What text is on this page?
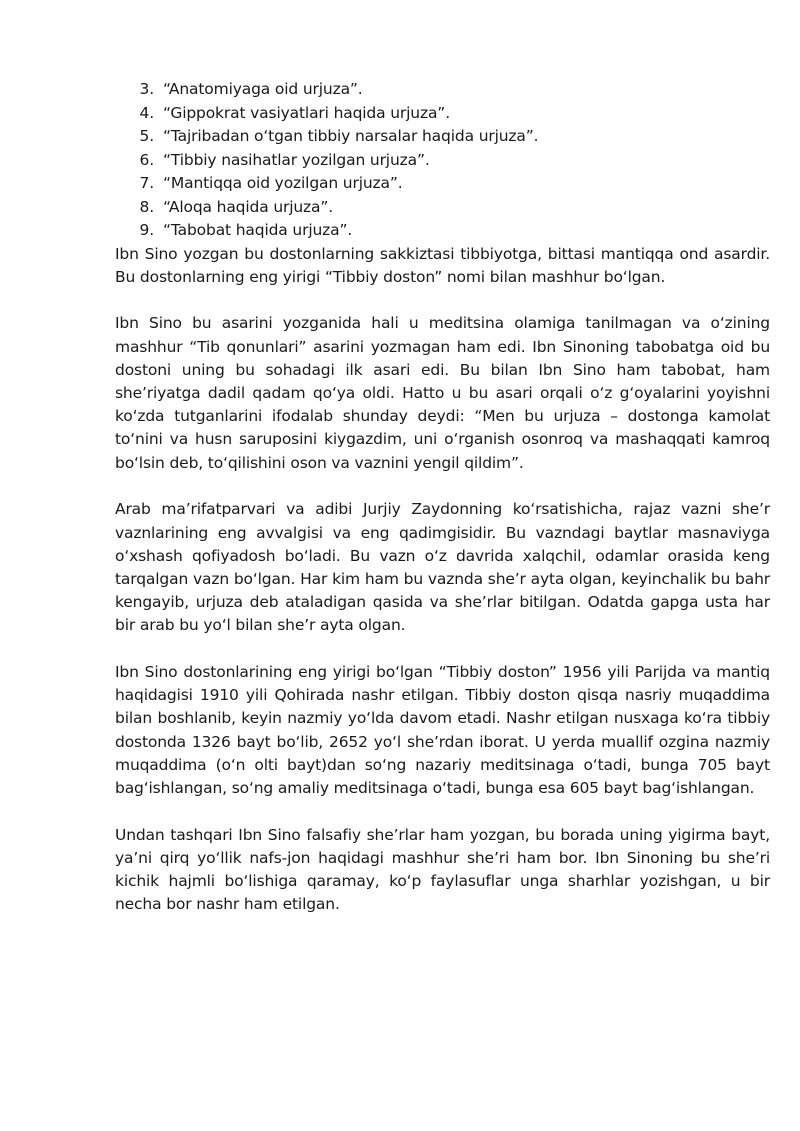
3. “Anatomiyaga oid urjuza”.
4. “Gippokrat vasiyatlari haqida urjuza”.
5. “Tajribadan o‘tgan tibbiy narsalar haqida urjuza”.
6. “Tibbiy nasihatlar yozilgan urjuza”.
7. “Mantiqqa oid yozilgan urjuza”.
8. “Aloqa haqida urjuza”.
9. “Tabobat haqida urjuza”.

Ibn Sino yozgan bu dostonlarning sakkiztasi tibbiyotga, bittasi mantiqqa ond asardir. Bu dostonlarning eng yirigi “Tibbiy doston” nomi bilan mashhur bo‘lgan.

Ibn Sino bu asarini yozganida hali u meditsina olamiga tanilmagan va o‘zining mashhur “Tib qonunlari” asarini yozmagan ham edi. Ibn Sinoning tabobatga oid bu dostoni uning bu sohadagi ilk asari edi. Bu bilan Ibn Sino ham tabobat, ham she’riyatga dadil qadam qo‘ya oldi. Hatto u bu asari orqali o‘z g‘oyalarini yoyishni ko‘zda tutganlarini ifodalab shunday deydi: “Men bu urjuza – dostonga kamolat to‘nini va husn saruposini kiygazdim, uni o‘rganish osonroq va mashaqqati kamroq bo‘lsin deb, to‘qilishini oson va vaznini yengil qildim”.

Arab ma’rifatparvari va adibi Jurjiy Zaydonning ko‘rsatishicha, rajaz vazni she’r vaznlarining eng avvalgisi va eng qadimgisidir. Bu vazndagi baytlar masnaviyga o‘xshash qofiyadosh bo‘ladi. Bu vazn o‘z davrida xalqchil, odamlar orasida keng tarqalgan vazn bo‘lgan. Har kim ham bu vaznda she’r ayta olgan, keyinchalik bu bahr kengayib, urjuza deb ataladigan qasida va she’rlar bitilgan. Odatda gapga usta har bir arab bu yo‘l bilan she’r ayta olgan.

Ibn Sino dostonlarining eng yirigi bo‘lgan “Tibbiy doston” 1956 yili Parijda va mantiq haqidagisi 1910 yili Qohirada nashr etilgan. Tibbiy doston qisqa nasriy muqaddima bilan boshlanib, keyin nazmiy yo‘lda davom etadi. Nashr etilgan nusxaga ko‘ra tibbiy dostonda 1326 bayt bo‘lib, 2652 yo‘l she’rdan iborat. U yerda muallif ozgina nazmiy muqaddima (o‘n olti bayt)dan so‘ng nazariy meditsinaga o‘tadi, bunga 705 bayt bag‘ishlangan, so‘ng amaliy meditsinaga o‘tadi, bunga esa 605 bayt bag‘ishlangan.

Undan tashqari Ibn Sino falsafiy she’rlar ham yozgan, bu borada uning yigirma bayt, ya’ni qirq yo‘llik nafs-jon haqidagi mashhur she’ri ham bor. Ibn Sinoning bu she’ri kichik hajmli bo‘lishiga qaramay, ko‘p faylasuflar unga sharhlar yozishgan, u bir necha bor nashr ham etilgan.
